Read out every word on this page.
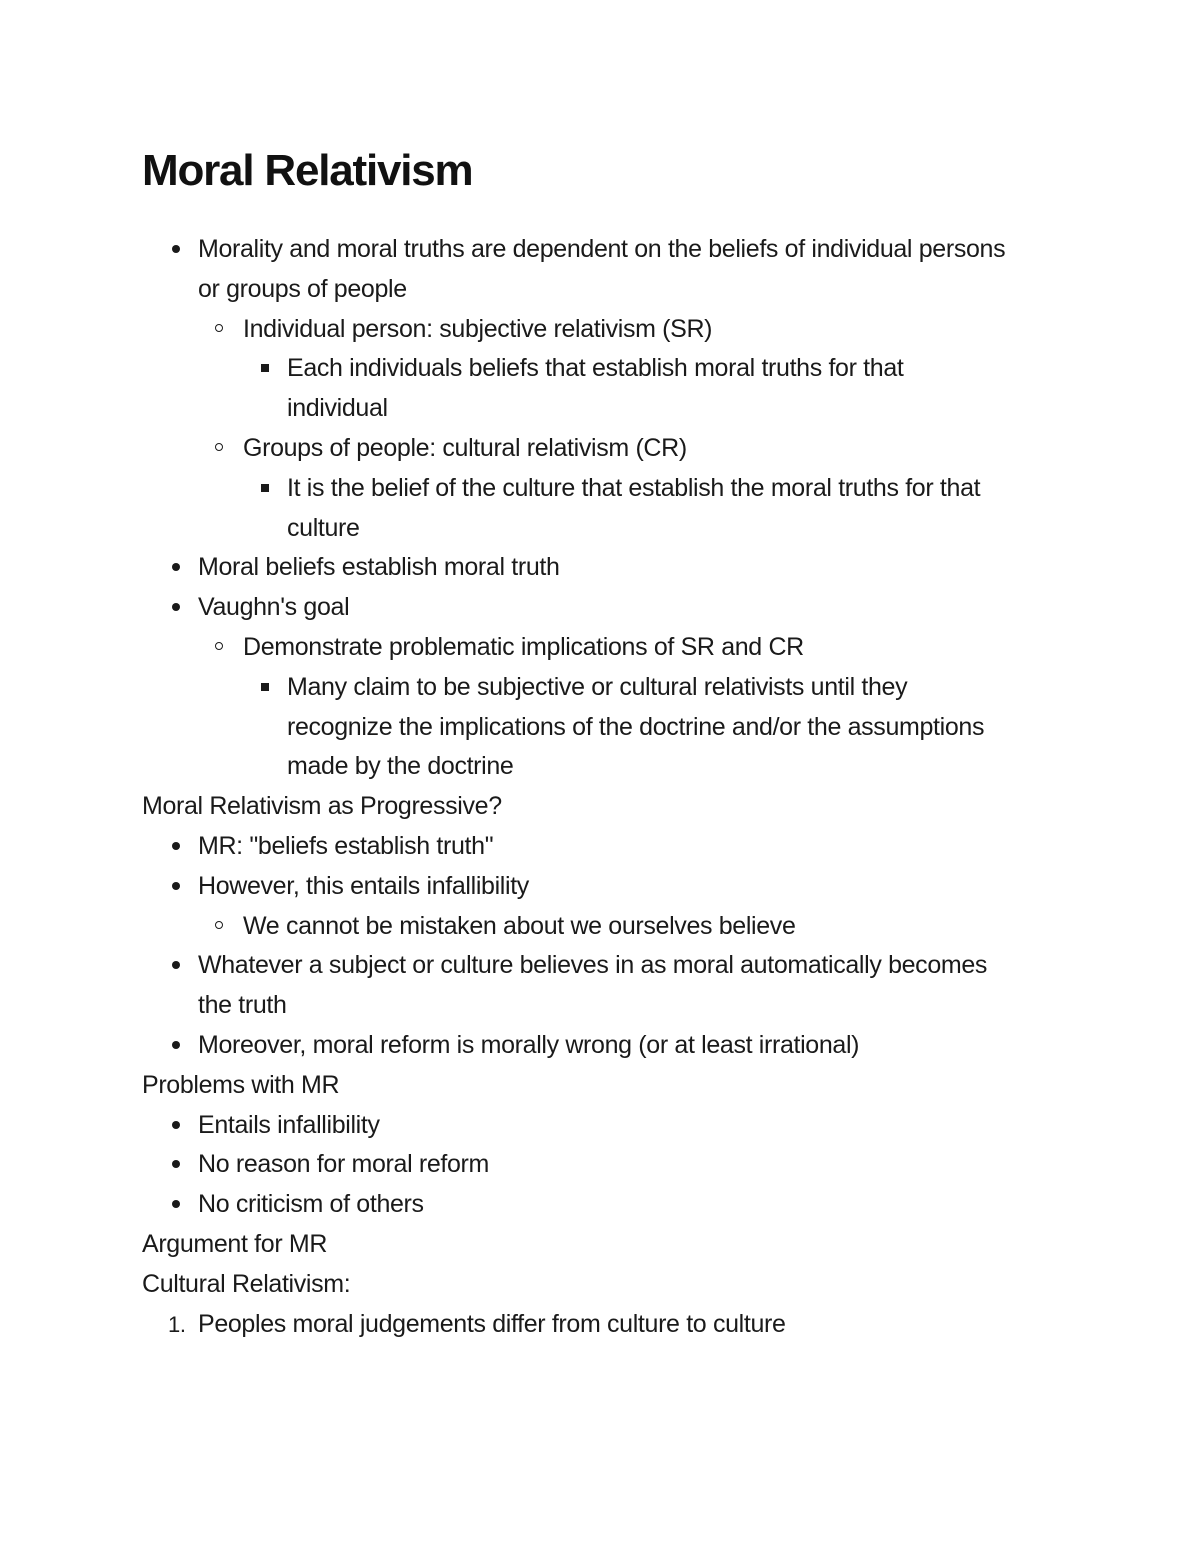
Moral Relativism
Morality and moral truths are dependent on the beliefs of individual persons or groups of people
Individual person: subjective relativism (SR)
Each individuals beliefs that establish moral truths for that individual
Groups of people: cultural relativism (CR)
It is the belief of the culture that establish the moral truths for that culture
Moral beliefs establish moral truth
Vaughn's goal
Demonstrate problematic implications of SR and CR
Many claim to be subjective or cultural relativists until they recognize the implications of the doctrine and/or the assumptions made by the doctrine
Moral Relativism as Progressive?
MR: "beliefs establish truth"
However, this entails infallibility
We cannot be mistaken about we ourselves believe
Whatever a subject or culture believes in as moral automatically becomes the truth
Moreover, moral reform is morally wrong (or at least irrational)
Problems with MR
Entails infallibility
No reason for moral reform
No criticism of others
Argument for MR
Cultural Relativism:
1. Peoples moral judgements differ from culture to culture
